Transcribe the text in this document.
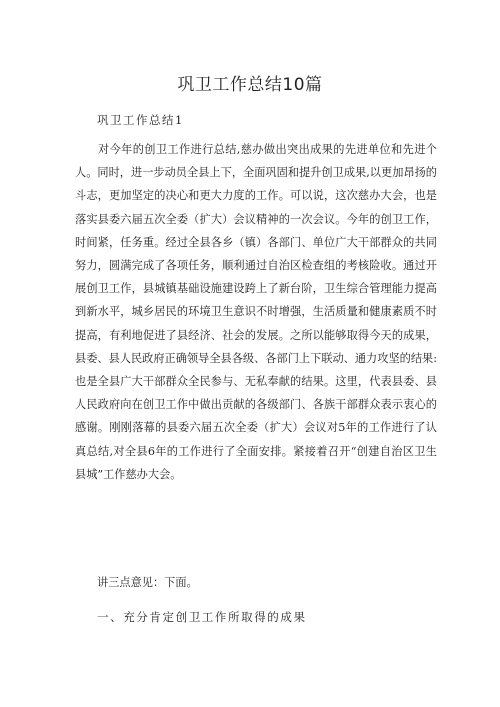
巩卫工作总结10篇
巩卫工作总结1

对今年的创卫工作进行总结,慈办做出突出成果的先进单位和先进个人。同时，进一步动员全县上下，全面巩固和提升创卫成果,以更加昂扬的斗志，更加坚定的决心和更大力度的工作。可以说，这次慈办大会，也是落实县委六届五次全委（扩大）会议精神的一次会议。今年的创卫工作，时间紧，任务重。经过全县各乡（镇）各部门、单位广大干部群众的共同努力，圆满完成了各项任务，顺利通过自治区检查组的考核险收。通过开展创卫工作，县城镇基础设施建设跨上了新台阶，卫生综合管理能力提高到新水平，城乡居民的环境卫生意识不时增强，生活质量和健康素质不时提高，有利地促进了县经济、社会的发展。之所以能够取得今天的成果，县委、县人民政府正确领导全县各级、各部门上下联动、通力攻坚的结果:也是全县广大干部群众全民参与、无私奉献的结果。这里，代表县委、县人民政府向在创卫工作中做出贡献的各级部门、各族干部群众表示衷心的感谢。刚刚落幕的县委六届五次全委（扩大）会议对5年的工作进行了认真总结,对全县6年的工作进行了全面安排。紧接着召开“创建自治区卫生县城”工作慈办大会。

讲三点意见：下面。
一、充分肯定创卫工作所取得的成果
